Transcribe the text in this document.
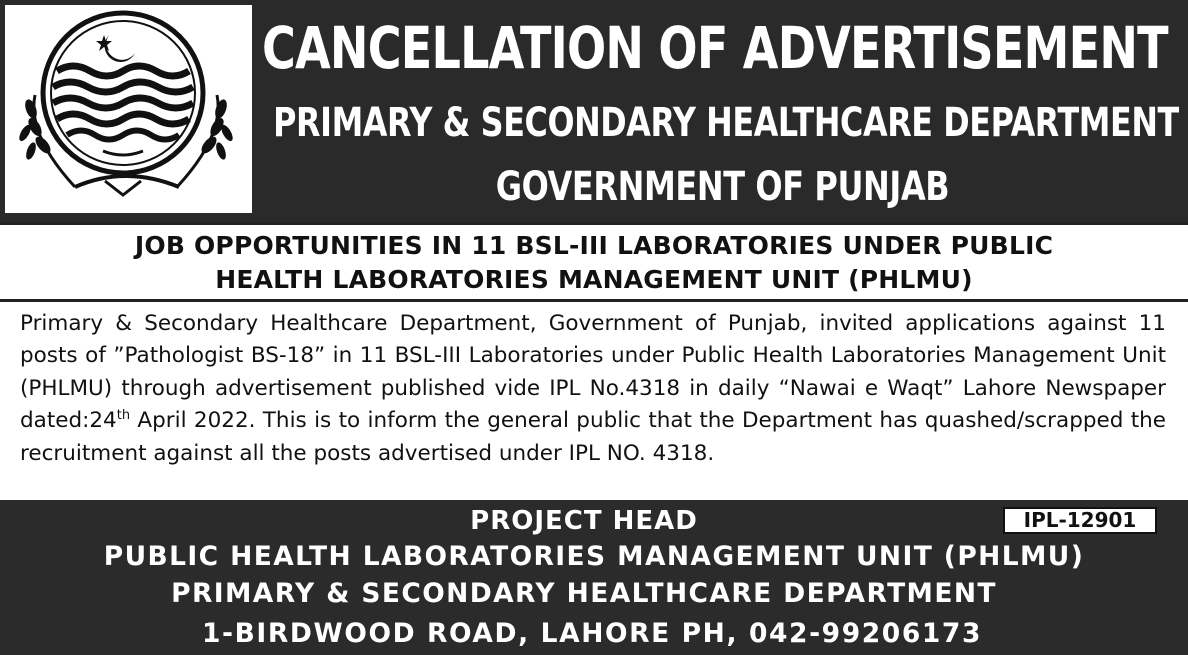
CANCELLATION OF ADVERTISEMENT
PRIMARY & SECONDARY HEALTHCARE DEPARTMENT
GOVERNMENT OF PUNJAB
JOB OPPORTUNITIES IN 11 BSL-III LABORATORIES UNDER PUBLIC
HEALTH LABORATORIES MANAGEMENT UNIT (PHLMU)
Primary & Secondary Healthcare Department, Government of Punjab, invited applications against 11 posts of ”Pathologist BS-18” in 11 BSL-III Laboratories under Public Health Laboratories Management Unit (PHLMU) through advertisement published vide IPL No.4318 in daily “Nawai e Waqt” Lahore Newspaper dated:24th April 2022. This is to inform the general public that the Department has quashed/scrapped the recruitment against all the posts advertised under IPL NO. 4318.
PROJECT HEAD
PUBLIC HEALTH LABORATORIES MANAGEMENT UNIT (PHLMU)
PRIMARY & SECONDARY HEALTHCARE DEPARTMENT
1-BIRDWOOD ROAD, LAHORE PH, 042-99206173
IPL-12901
